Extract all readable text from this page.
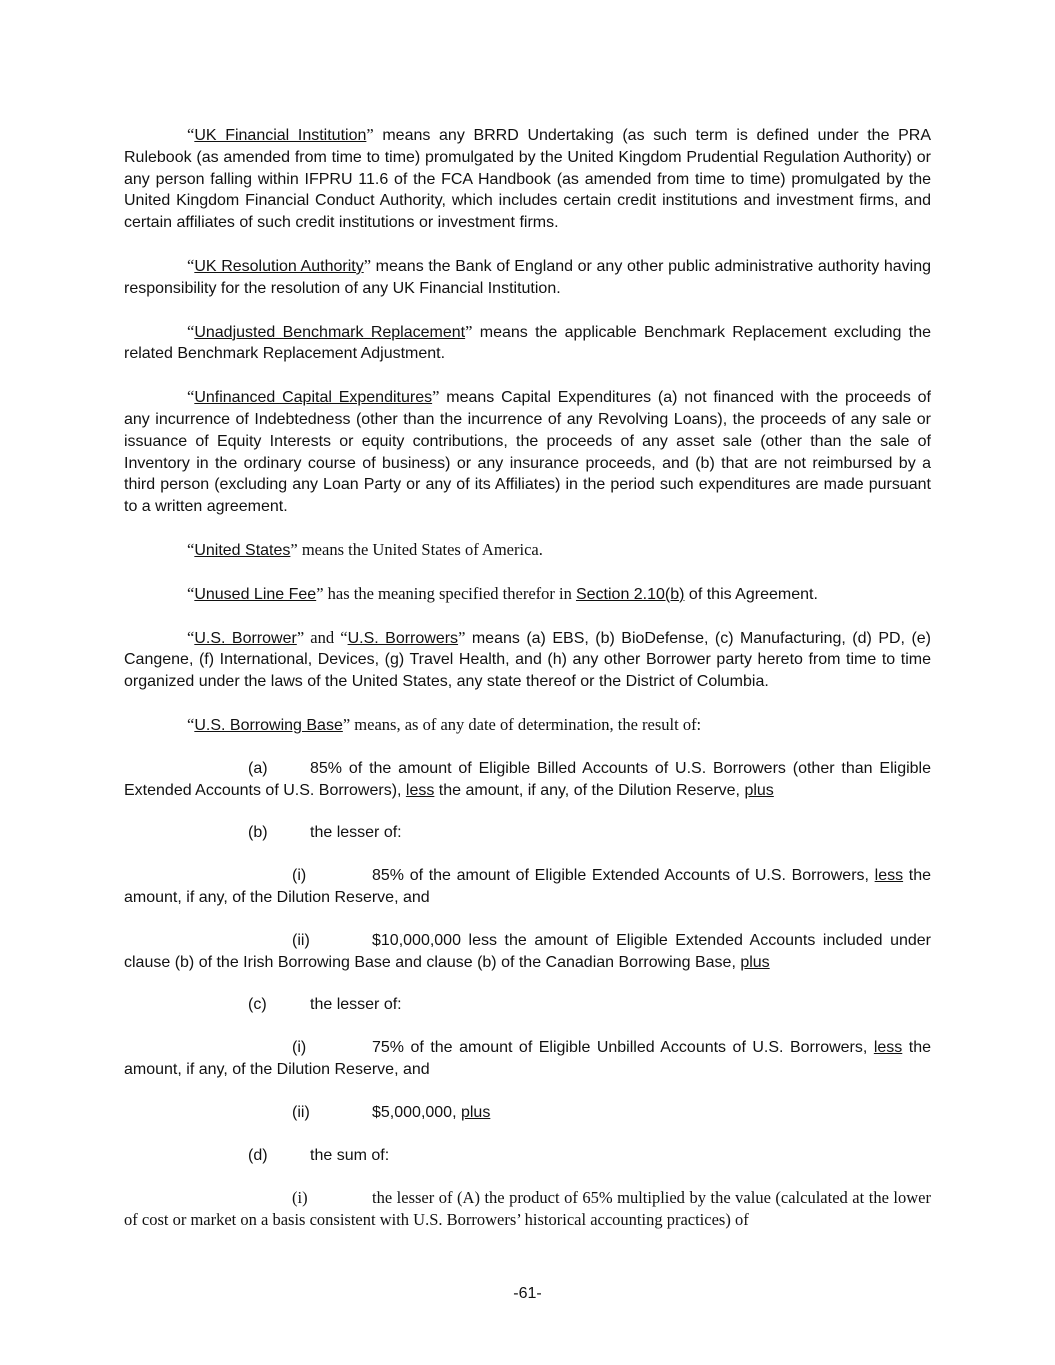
“UK Financial Institution” means any BRRD Undertaking (as such term is defined under the PRA Rulebook (as amended from time to time) promulgated by the United Kingdom Prudential Regulation Authority) or any person falling within IFPRU 11.6 of the FCA Handbook (as amended from time to time) promulgated by the United Kingdom Financial Conduct Authority, which includes certain credit institutions and investment firms, and certain affiliates of such credit institutions or investment firms.

“UK Resolution Authority” means the Bank of England or any other public administrative authority having responsibility for the resolution of any UK Financial Institution.

“Unadjusted Benchmark Replacement” means the applicable Benchmark Replacement excluding the related Benchmark Replacement Adjustment.

“Unfinanced Capital Expenditures” means Capital Expenditures (a) not financed with the proceeds of any incurrence of Indebtedness (other than the incurrence of any Revolving Loans), the proceeds of any sale or issuance of Equity Interests or equity contributions, the proceeds of any asset sale (other than the sale of Inventory in the ordinary course of business) or any insurance proceeds, and (b) that are not reimbursed by a third person (excluding any Loan Party or any of its Affiliates) in the period such expenditures are made pursuant to a written agreement.

“United States” means the United States of America.

“Unused Line Fee” has the meaning specified therefor in Section 2.10(b) of this Agreement.

“U.S. Borrower” and “U.S. Borrowers” means (a) EBS, (b) BioDefense, (c) Manufacturing, (d) PD, (e) Cangene, (f) International, Devices, (g) Travel Health, and (h) any other Borrower party hereto from time to time organized under the laws of the United States, any state thereof or the District of Columbia.

“U.S. Borrowing Base” means, as of any date of determination, the result of:

(a)	85% of the amount of Eligible Billed Accounts of U.S. Borrowers (other than Eligible Extended Accounts of U.S. Borrowers), less the amount, if any, of the Dilution Reserve, plus

(b)	the lesser of:

(i)	85% of the amount of Eligible Extended Accounts of U.S. Borrowers, less the amount, if any, of the Dilution Reserve, and

(ii)	$10,000,000 less the amount of Eligible Extended Accounts included under clause (b) of the Irish Borrowing Base and clause (b) of the Canadian Borrowing Base, plus

(c)	the lesser of:

(i)	75% of the amount of Eligible Unbilled Accounts of U.S. Borrowers, less the amount, if any, of the Dilution Reserve, and

(ii)	$5,000,000, plus

(d)	the sum of:

(i)	the lesser of (A) the product of 65% multiplied by the value (calculated at the lower of cost or market on a basis consistent with U.S. Borrowers’ historical accounting practices) of

-61-
